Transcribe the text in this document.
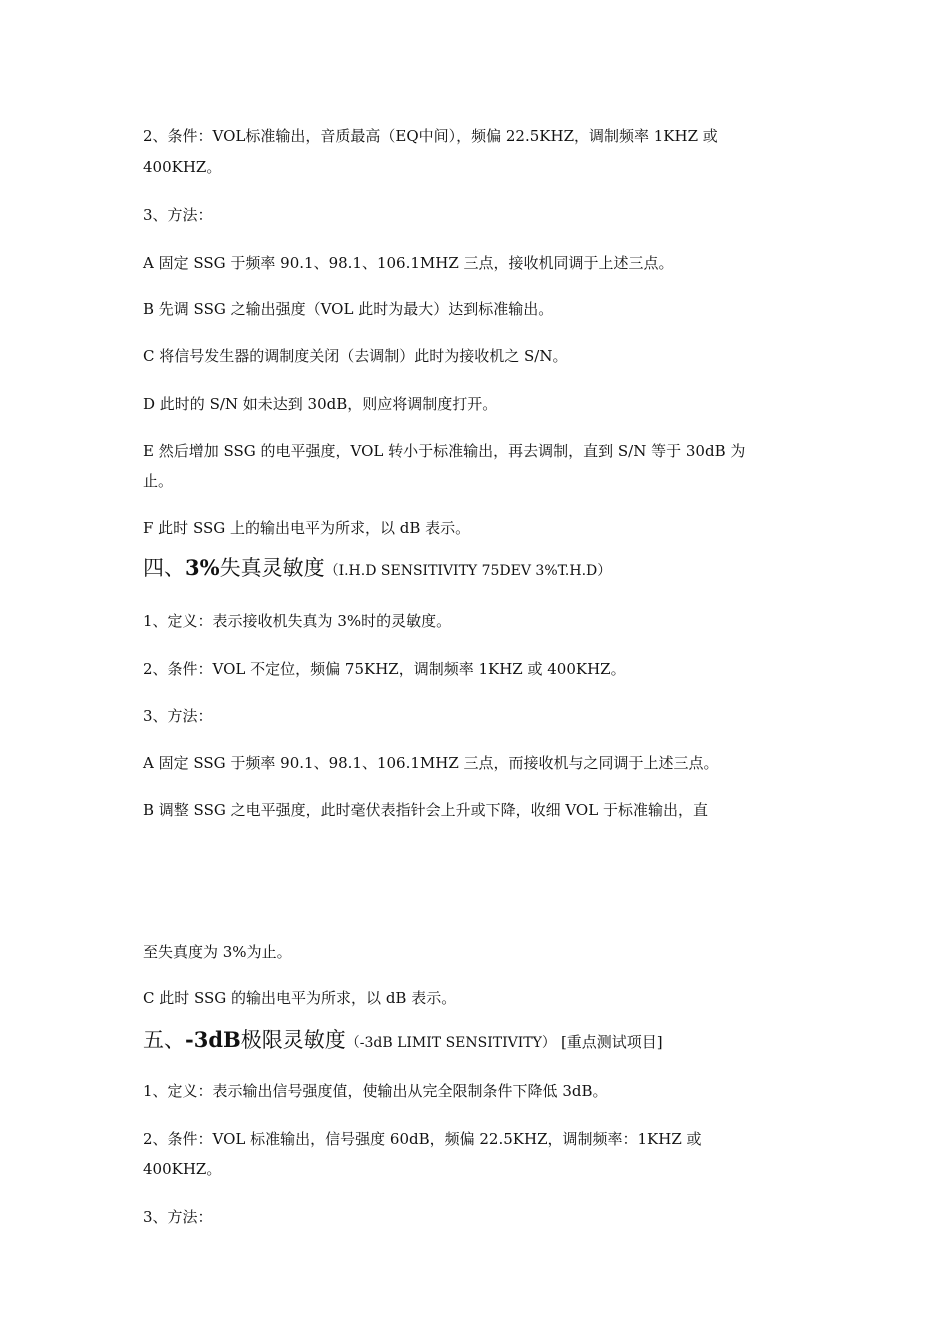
2、条件：VOL标准输出，音质最高（EQ中间），频偏 22.5KHZ，调制频率 1KHZ 或
400KHZ。
3、方法：
A 固定 SSG 于频率 90.1、98.1、106.1MHZ 三点，接收机同调于上述三点。
B 先调 SSG 之输出强度（VOL 此时为最大）达到标准输出。
C 将信号发生器的调制度关闭（去调制）此时为接收机之 S/N。
D 此时的 S/N 如未达到 30dB，则应将调制度打开。
E 然后增加 SSG 的电平强度，VOL 转小于标准输出，再去调制，直到 S/N 等于 30dB 为
止。
F 此时 SSG 上的输出电平为所求，以 dB 表示。
四、3%失真灵敏度（I.H.D SENSITIVITY 75DEV 3%T.H.D）
1、定义：表示接收机失真为 3%时的灵敏度。
2、条件：VOL 不定位，频偏 75KHZ，调制频率 1KHZ 或 400KHZ。
3、方法：
A 固定 SSG 于频率 90.1、98.1、106.1MHZ 三点，而接收机与之同调于上述三点。
B 调整 SSG 之电平强度，此时毫伏表指针会上升或下降，收细 VOL 于标准输出，直
至失真度为 3%为止。
C 此时 SSG 的输出电平为所求，以 dB 表示。
五、-3dB极限灵敏度（-3dB LIMIT SENSITIVITY） [重点测试项目]
1、定义：表示输出信号强度值，使输出从完全限制条件下降低 3dB。
2、条件：VOL 标准输出，信号强度 60dB，频偏 22.5KHZ，调制频率：1KHZ 或
400KHZ。
3、方法：
